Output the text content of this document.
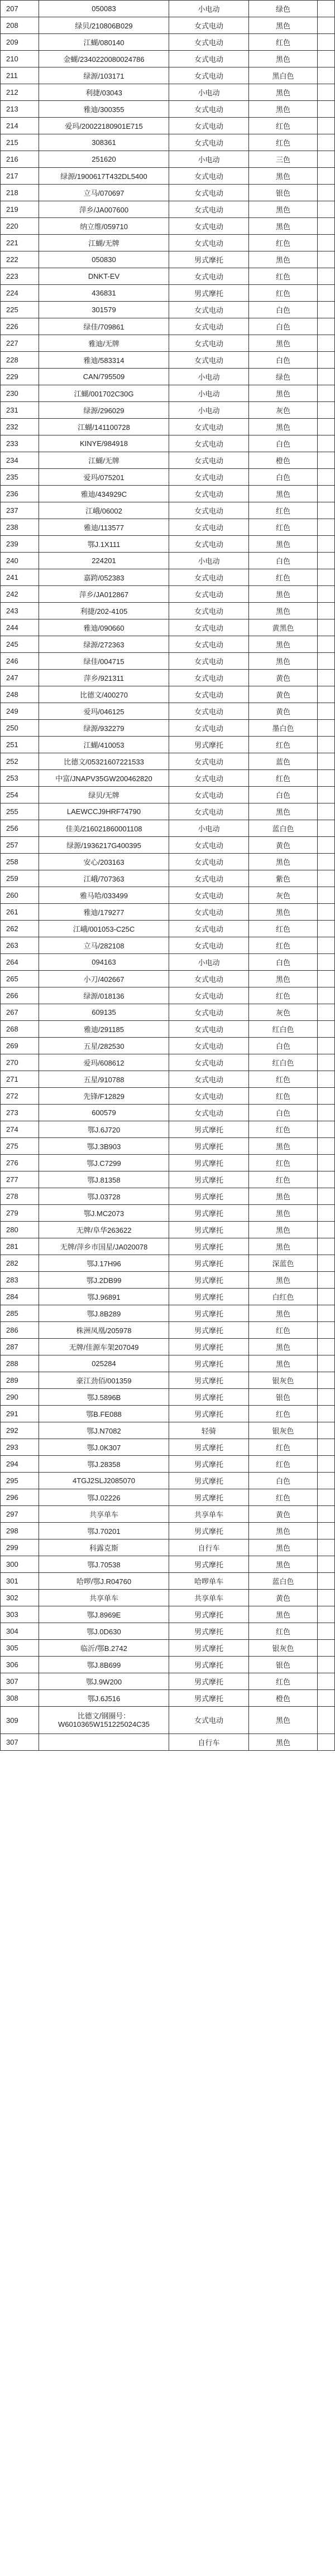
207	050083	小电动	绿色	
208	绿贝/210806B029	女式电动	黑色	
209	江蝴/080140	女式电动	红色	
210	金蝴/2340220080024786	女式电动	黑色	
211	绿源/103171	女式电动	黑白色	
212	利捷/03043	小电动	黑色	
213	雅迪/300355	女式电动	黑色	
214	爱玛/20022180901E715	女式电动	红色	
215	308361	女式电动	红色	
216	251620	小电动	三色	
217	绿源/1900617T432DL5400	女式电动	黑色	
218	立马/070697	女式电动	银色	
219	萍乡/JA007600	女式电动	黑色	
220	纳立维/059710	女式电动	黑色	
221	江蝴/无牌	女式电动	红色	
222	050830	男式摩托	黑色	
223	DNKT-EV	女式电动	红色	
224	436831	男式摩托	红色	
225	301579	女式电动	白色	
226	绿佳/709861	女式电动	白色	
227	雅迪/无牌	女式电动	黑色	
228	雅迪/583314	女式电动	白色	
229	CAN/795509	小电动	绿色	
230	江蝴/001702C30G	小电动	黑色	
231	绿源/296029	小电动	灰色	
232	江蝴/141100728	女式电动	黑色	
233	KINYE/984918	女式电动	白色	
234	江蝴/无牌	女式电动	橙色	
235	爱玛/075201	女式电动	白色	
236	雅迪/434929C	女式电动	黑色	
237	江峨/06002	女式电动	红色	
238	雅迪/113577	女式电动	红色	
239	鄂J.1X111	女式电动	黑色	
240	224201	小电动	白色	
241	嘉跨/052383	女式电动	红色	
242	萍乡/JA012867	女式电动	黑色	
243	利捷/202-4105	女式电动	黑色	
244	雅迪/090660	女式电动	黄黑色	
245	绿源/272363	女式电动	黑色	
246	绿佳/004715	女式电动	黑色	
247	萍乡/921311	女式电动	黄色	
248	比德文/400270	女式电动	黄色	
249	爱玛/046125	女式电动	黄色	
250	绿源/932279	女式电动	墨白色	
251	江蝴/410053	男式摩托	红色	
252	比德文/05321607221533	女式电动	蓝色	
253	中富/JNAPV35GW200462820	女式电动	红色	
254	绿贝/无牌	女式电动	白色	
255	LAEWCCJ9HRF74790	女式电动	黑色	
256	佳美/216021860001108	小电动	蓝白色	
257	绿源/1936217G400395	女式电动	黄色	
258	安心/203163	女式电动	黑色	
259	江峨/707363	女式电动	紫色	
260	雅马哈/033499	女式电动	灰色	
261	雅迪/179277	女式电动	黑色	
262	江峨/001053-C25C	女式电动	红色	
263	立马/282108	女式电动	红色	
264	094163	小电动	白色	
265	小刀/402667	女式电动	黑色	
266	绿源/018136	女式电动	红色	
267	609135	女式电动	灰色	
268	雅迪/291185	女式电动	红白色	
269	五星/282530	女式电动	白色	
270	爱玛/608612	女式电动	红白色	
271	五星/910788	女式电动	红色	
272	先锋/F12829	女式电动	红色	
273	600579	女式电动	白色	
274	鄂J.6J720	男式摩托	红色	
275	鄂J.3B903	男式摩托	黑色	
276	鄂J.C7299	男式摩托	红色	
277	鄂J.81358	男式摩托	红色	
278	鄂J.03728	男式摩托	黑色	
279	鄂J.MC2073	男式摩托	黑色	
280	无牌/阜华263622	男式摩托	黑色	
281	无牌/萍乡市国星/JA020078	男式摩托	黑色	
282	鄂J.17H96	男式摩托	深蓝色	
283	鄂J.2DB99	男式摩托	黑色	
284	鄂J.96891	男式摩托	白红色	
285	鄂J.8B289	男式摩托	黑色	
286	株洲凤凰/205978	男式摩托	红色	
287	无牌/佳源车架207049	男式摩托	黑色	
288	025284	男式摩托	黑色	
289	豪江劲佰/001359	男式摩托	银灰色	
290	鄂J.5896B	男式摩托	银色	
291	鄂B.FE088	男式摩托	红色	
292	鄂J.N7082	轻骑	银灰色	
293	鄂J.0K307	男式摩托	红色	
294	鄂J.28358	男式摩托	红色	
295	4TGJ2SLJ2085070	男式摩托	白色	
296	鄂J.02226	男式摩托	红色	
297	共享单车	共享单车	黄色	
298	鄂J.70201	男式摩托	黑色	
299	科露克斯	自行车	黑色	
300	鄂J.70538	男式摩托	黑色	
301	哈啰/鄂J.R04760	哈啰单车	蓝白色	
302	共享单车	共享单车	黄色	
303	鄂J.8969E	男式摩托	黑色	
304	鄂J.0D630	男式摩托	红色	
305	临沂/鄂B.2742	男式摩托	银灰色	
306	鄂J.8B699	男式摩托	银色	
307	鄂J.9W200	男式摩托	红色	
308	鄂J.6J516	男式摩托	橙色	
309	比德文/钢圈号：W6010365W151225024C35	女式电动	黑色	
307		自行车	黑色	
